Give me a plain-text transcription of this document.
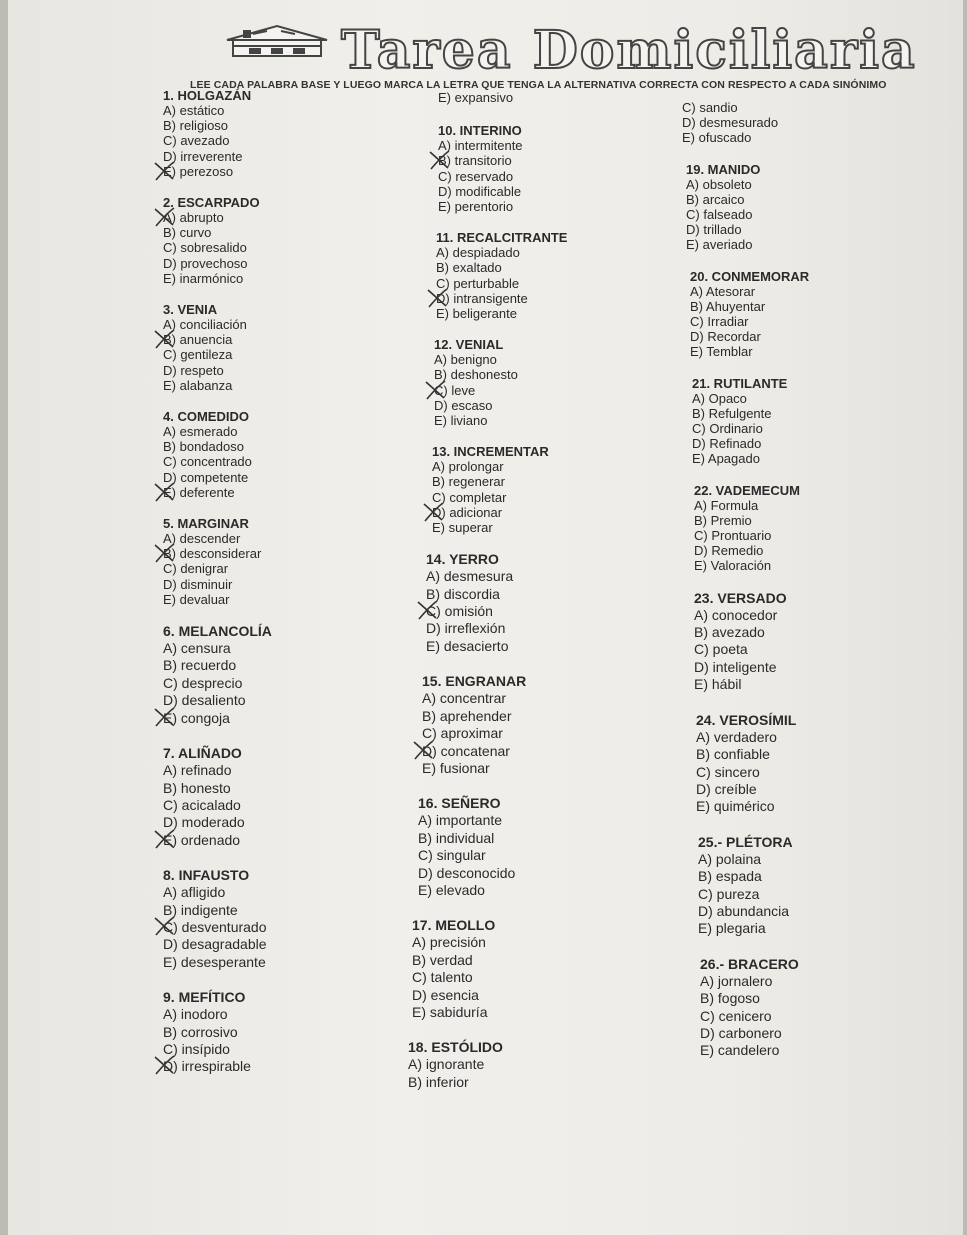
Tarea Domiciliaria
LEE CADA PALABRA BASE Y LUEGO MARCA LA LETRA QUE TENGA LA ALTERNATIVA CORRECTA CON RESPECTO A CADA SINÓNIMO
1. HOLGAZÁN
A) estático
B) religioso
C) avezado
D) irreverente
E) perezoso
2. ESCARPADO
A) abrupto
B) curvo
C) sobresalido
D) provechoso
E) inarmónico
3. VENIA
A) conciliación
B) anuencia
C) gentileza
D) respeto
E) alabanza
4. COMEDIDO
A) esmerado
B) bondadoso
C) concentrado
D) competente
E) deferente
5. MARGINAR
A) descender
B) desconsiderar
C) denigrar
D) disminuir
E) devaluar
6. MELANCOLÍA
A) censura
B) recuerdo
C) desprecio
D) desaliento
E) congoja
7. ALIÑADO
A) refinado
B) honesto
C) acicalado
D) moderado
E) ordenado
8. INFAUSTO
A) afligido
B) indigente
C) desventurado
D) desagradable
E) desesperante
9. MEFÍTICO
A) inodoro
B) corrosivo
C) insípido
D) irrespirable
E) expansivo
10. INTERINO
A) intermitente
B) transitorio
C) reservado
D) modificable
E) perentorio
11. RECALCITRANTE
A) despiadado
B) exaltado
C) perturbable
D) intransigente
E) beligerante
12. VENIAL
A) benigno
B) deshonesto
C) leve
D) escaso
E) liviano
13. INCREMENTAR
A) prolongar
B) regenerar
C) completar
D) adicionar
E) superar
14. YERRO
A) desmesura
B) discordia
C) omisión
D) irreflexión
E) desacierto
15. ENGRANAR
A) concentrar
B) aprehender
C) aproximar
D) concatenar
E) fusionar
16. SEÑERO
A) importante
B) individual
C) singular
D) desconocido
E) elevado
17. MEOLLO
A) precisión
B) verdad
C) talento
D) esencia
E) sabiduría
18. ESTÓLIDO
A) ignorante
B) inferior
C) sandio
D) desmesurado
E) ofuscado
19. MANIDO
A) obsoleto
B) arcaico
C) falseado
D) trillado
E) averiado
20. CONMEMORAR
A) Atesorar
B) Ahuyentar
C) Irradiar
D) Recordar
E) Temblar
21. RUTILANTE
A) Opaco
B) Refulgente
C) Ordinario
D) Refinado
E) Apagado
22. VADEMECUM
A) Formula
B) Premio
C) Prontuario
D) Remedio
E) Valoración
23. VERSADO
A) conocedor
B) avezado
C) poeta
D) inteligente
E) hábil
24. VEROSÍMIL
A) verdadero
B) confiable
C) sincero
D) creíble
E) quimérico
25.- PLÉTORA
A) polaina
B) espada
C) pureza
D) abundancia
E) plegaria
26.- BRACERO
A) jornalero
B) fogoso
C) cenicero
D) carbonero
E) candelero
